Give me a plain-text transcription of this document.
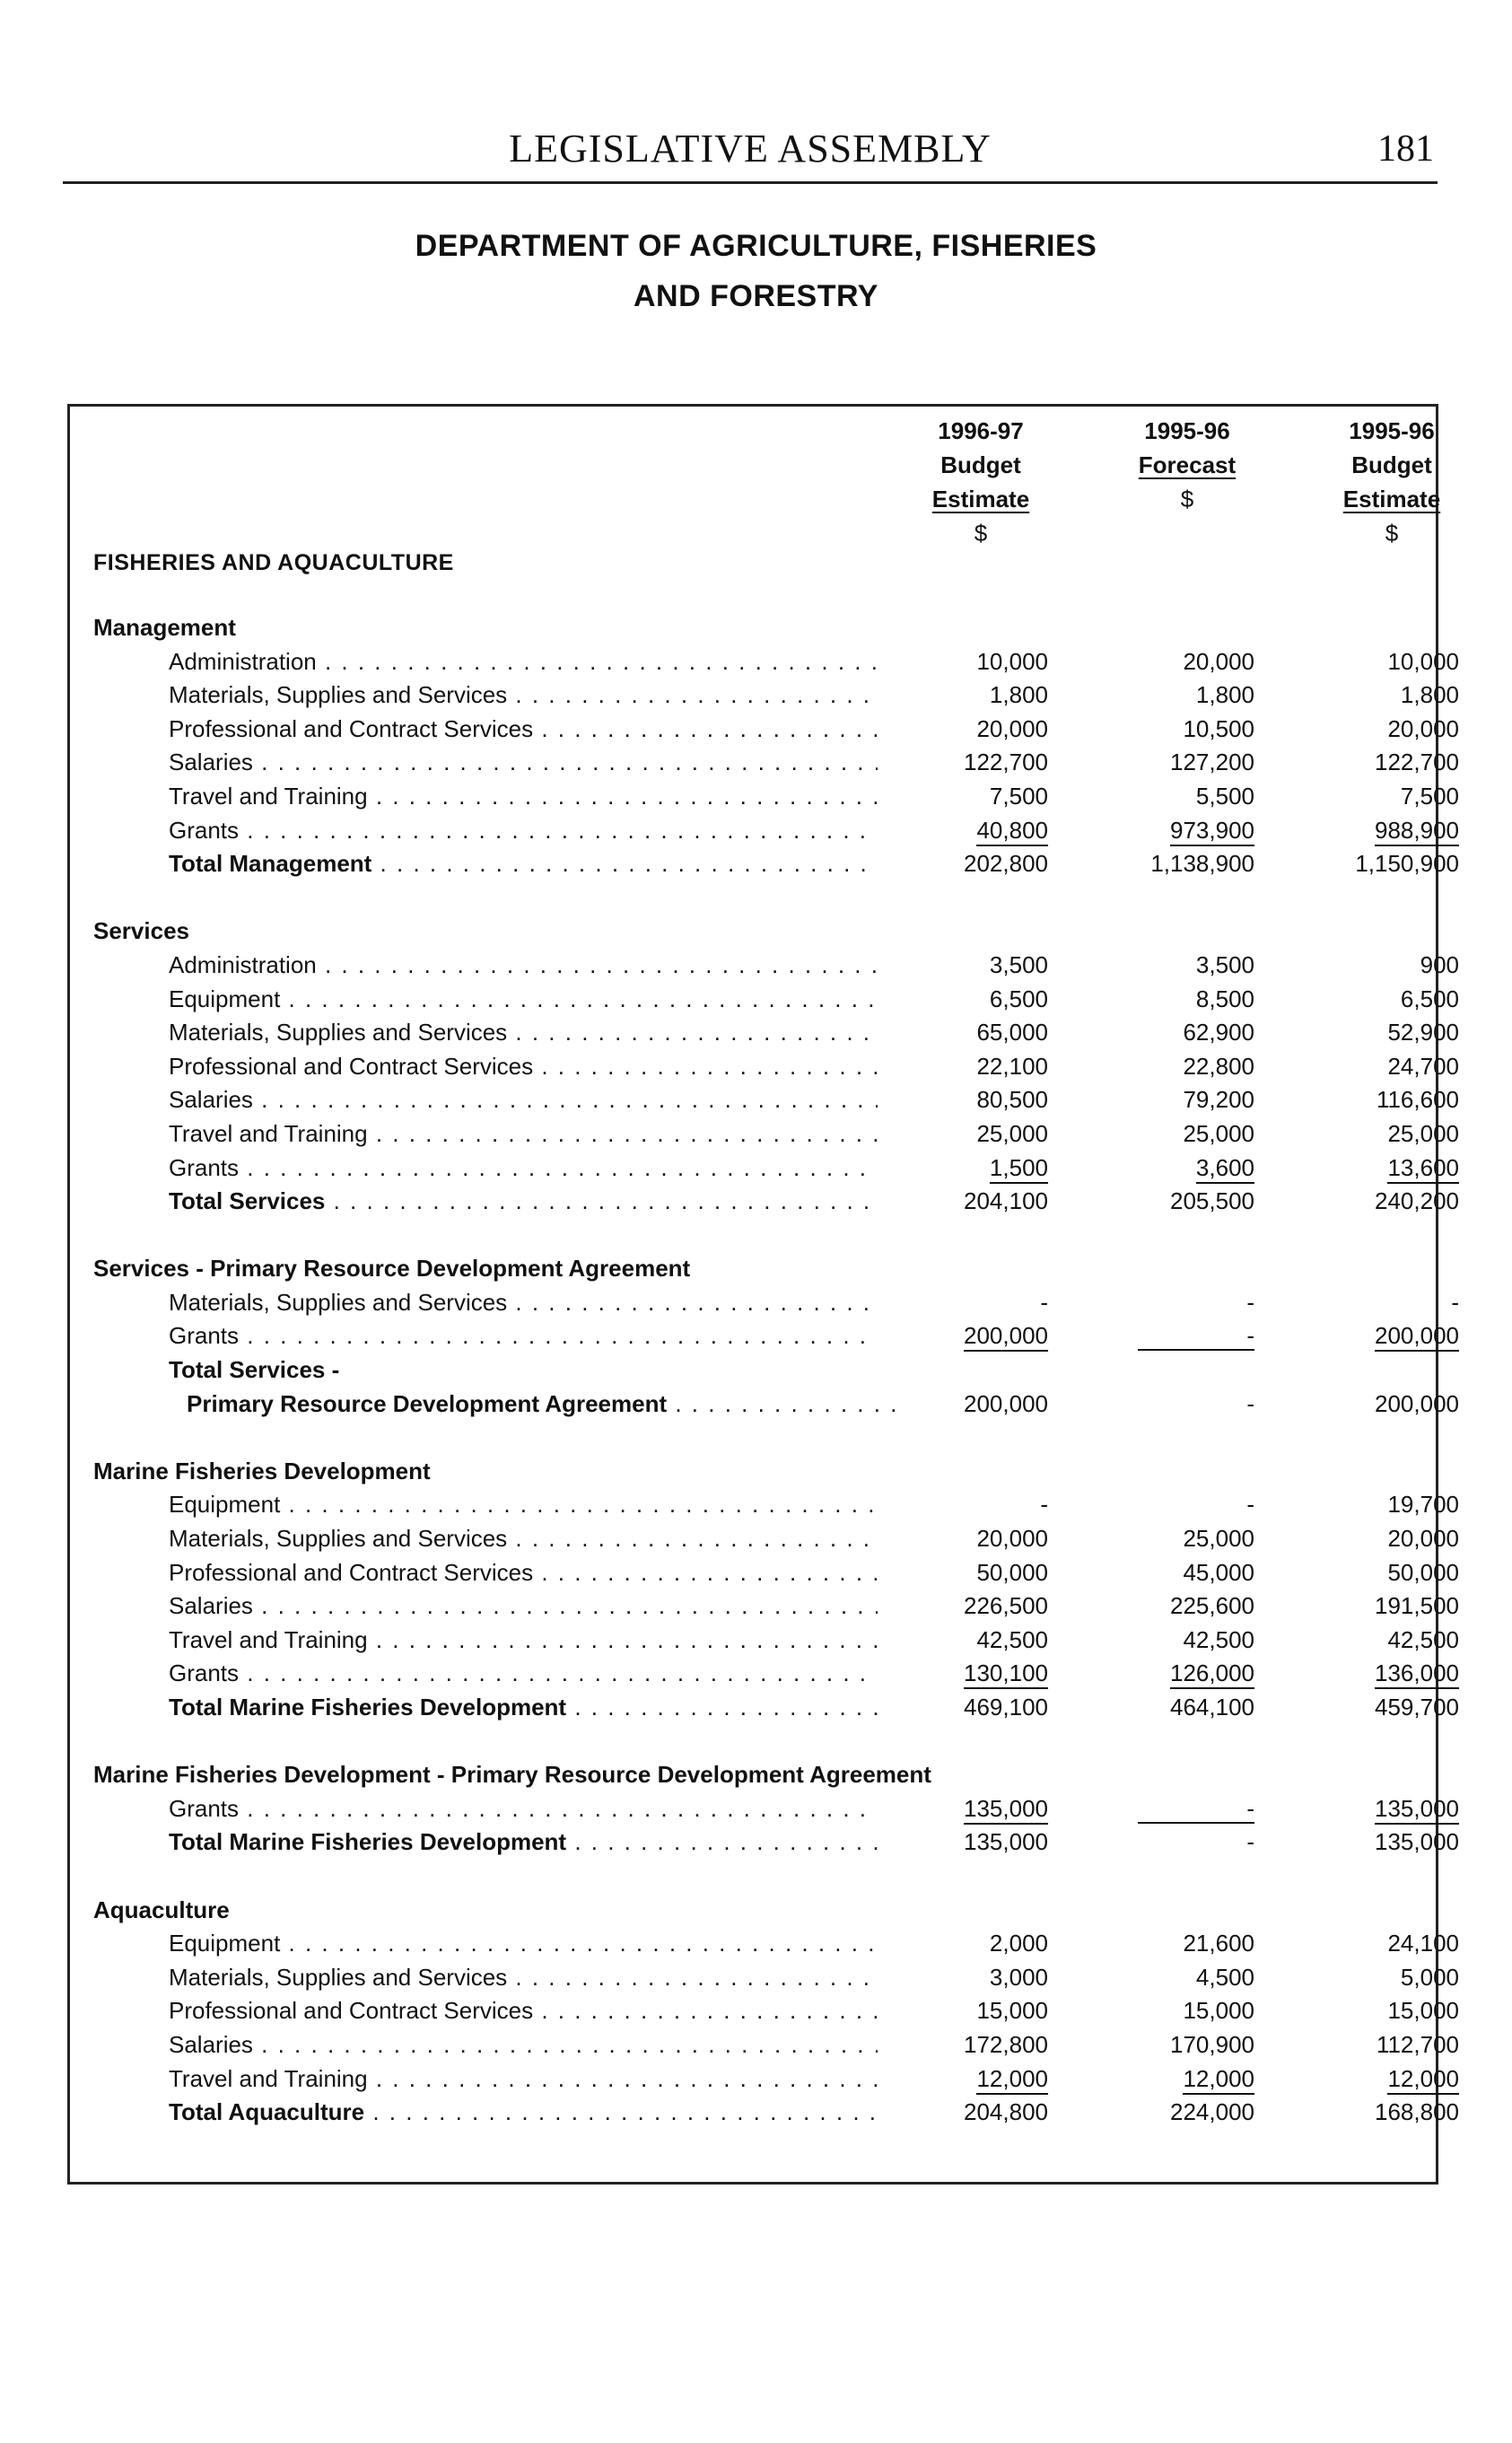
LEGISLATIVE ASSEMBLY	181
DEPARTMENT OF AGRICULTURE, FISHERIES
AND FORESTRY
1996-97
Budget
Estimate
$
1995-96
Forecast
$
1995-96
Budget
Estimate
$
FISHERIES AND AQUACULTURE
Management
Administration . . .	10,000	20,000	10,000
Materials, Supplies and Services . . .	1,800	1,800	1,800
Professional and Contract Services . . .	20,000	10,500	20,000
Salaries . . .	122,700	127,200	122,700
Travel and Training . . .	7,500	5,500	7,500
Grants . . .	40,800	973,900	988,900
Total Management . . .	202,800	1,138,900	1,150,900
Services
Administration . . .	3,500	3,500	900
Equipment . . .	6,500	8,500	6,500
Materials, Supplies and Services . . .	65,000	62,900	52,900
Professional and Contract Services . . .	22,100	22,800	24,700
Salaries . . .	80,500	79,200	116,600
Travel and Training . . .	25,000	25,000	25,000
Grants . . .	1,500	3,600	13,600
Total Services . . .	204,100	205,500	240,200
Services - Primary Resource Development Agreement
Materials, Supplies and Services . . .	-	-	-
Grants . . .	200,000	-	200,000
Total Services -
Primary Resource Development Agreement . . .	200,000	-	200,000
Marine Fisheries Development
Equipment . . .	-	-	19,700
Materials, Supplies and Services . . .	20,000	25,000	20,000
Professional and Contract Services . . .	50,000	45,000	50,000
Salaries . . .	226,500	225,600	191,500
Travel and Training . . .	42,500	42,500	42,500
Grants . . .	130,100	126,000	136,000
Total Marine Fisheries Development . . .	469,100	464,100	459,700
Marine Fisheries Development - Primary Resource Development Agreement
Grants . . .	135,000	-	135,000
Total Marine Fisheries Development . . .	135,000	-	135,000
Aquaculture
Equipment . . .	2,000	21,600	24,100
Materials, Supplies and Services . . .	3,000	4,500	5,000
Professional and Contract Services . . .	15,000	15,000	15,000
Salaries . . .	172,800	170,900	112,700
Travel and Training . . .	12,000	12,000	12,000
Total Aquaculture . . .	204,800	224,000	168,800
